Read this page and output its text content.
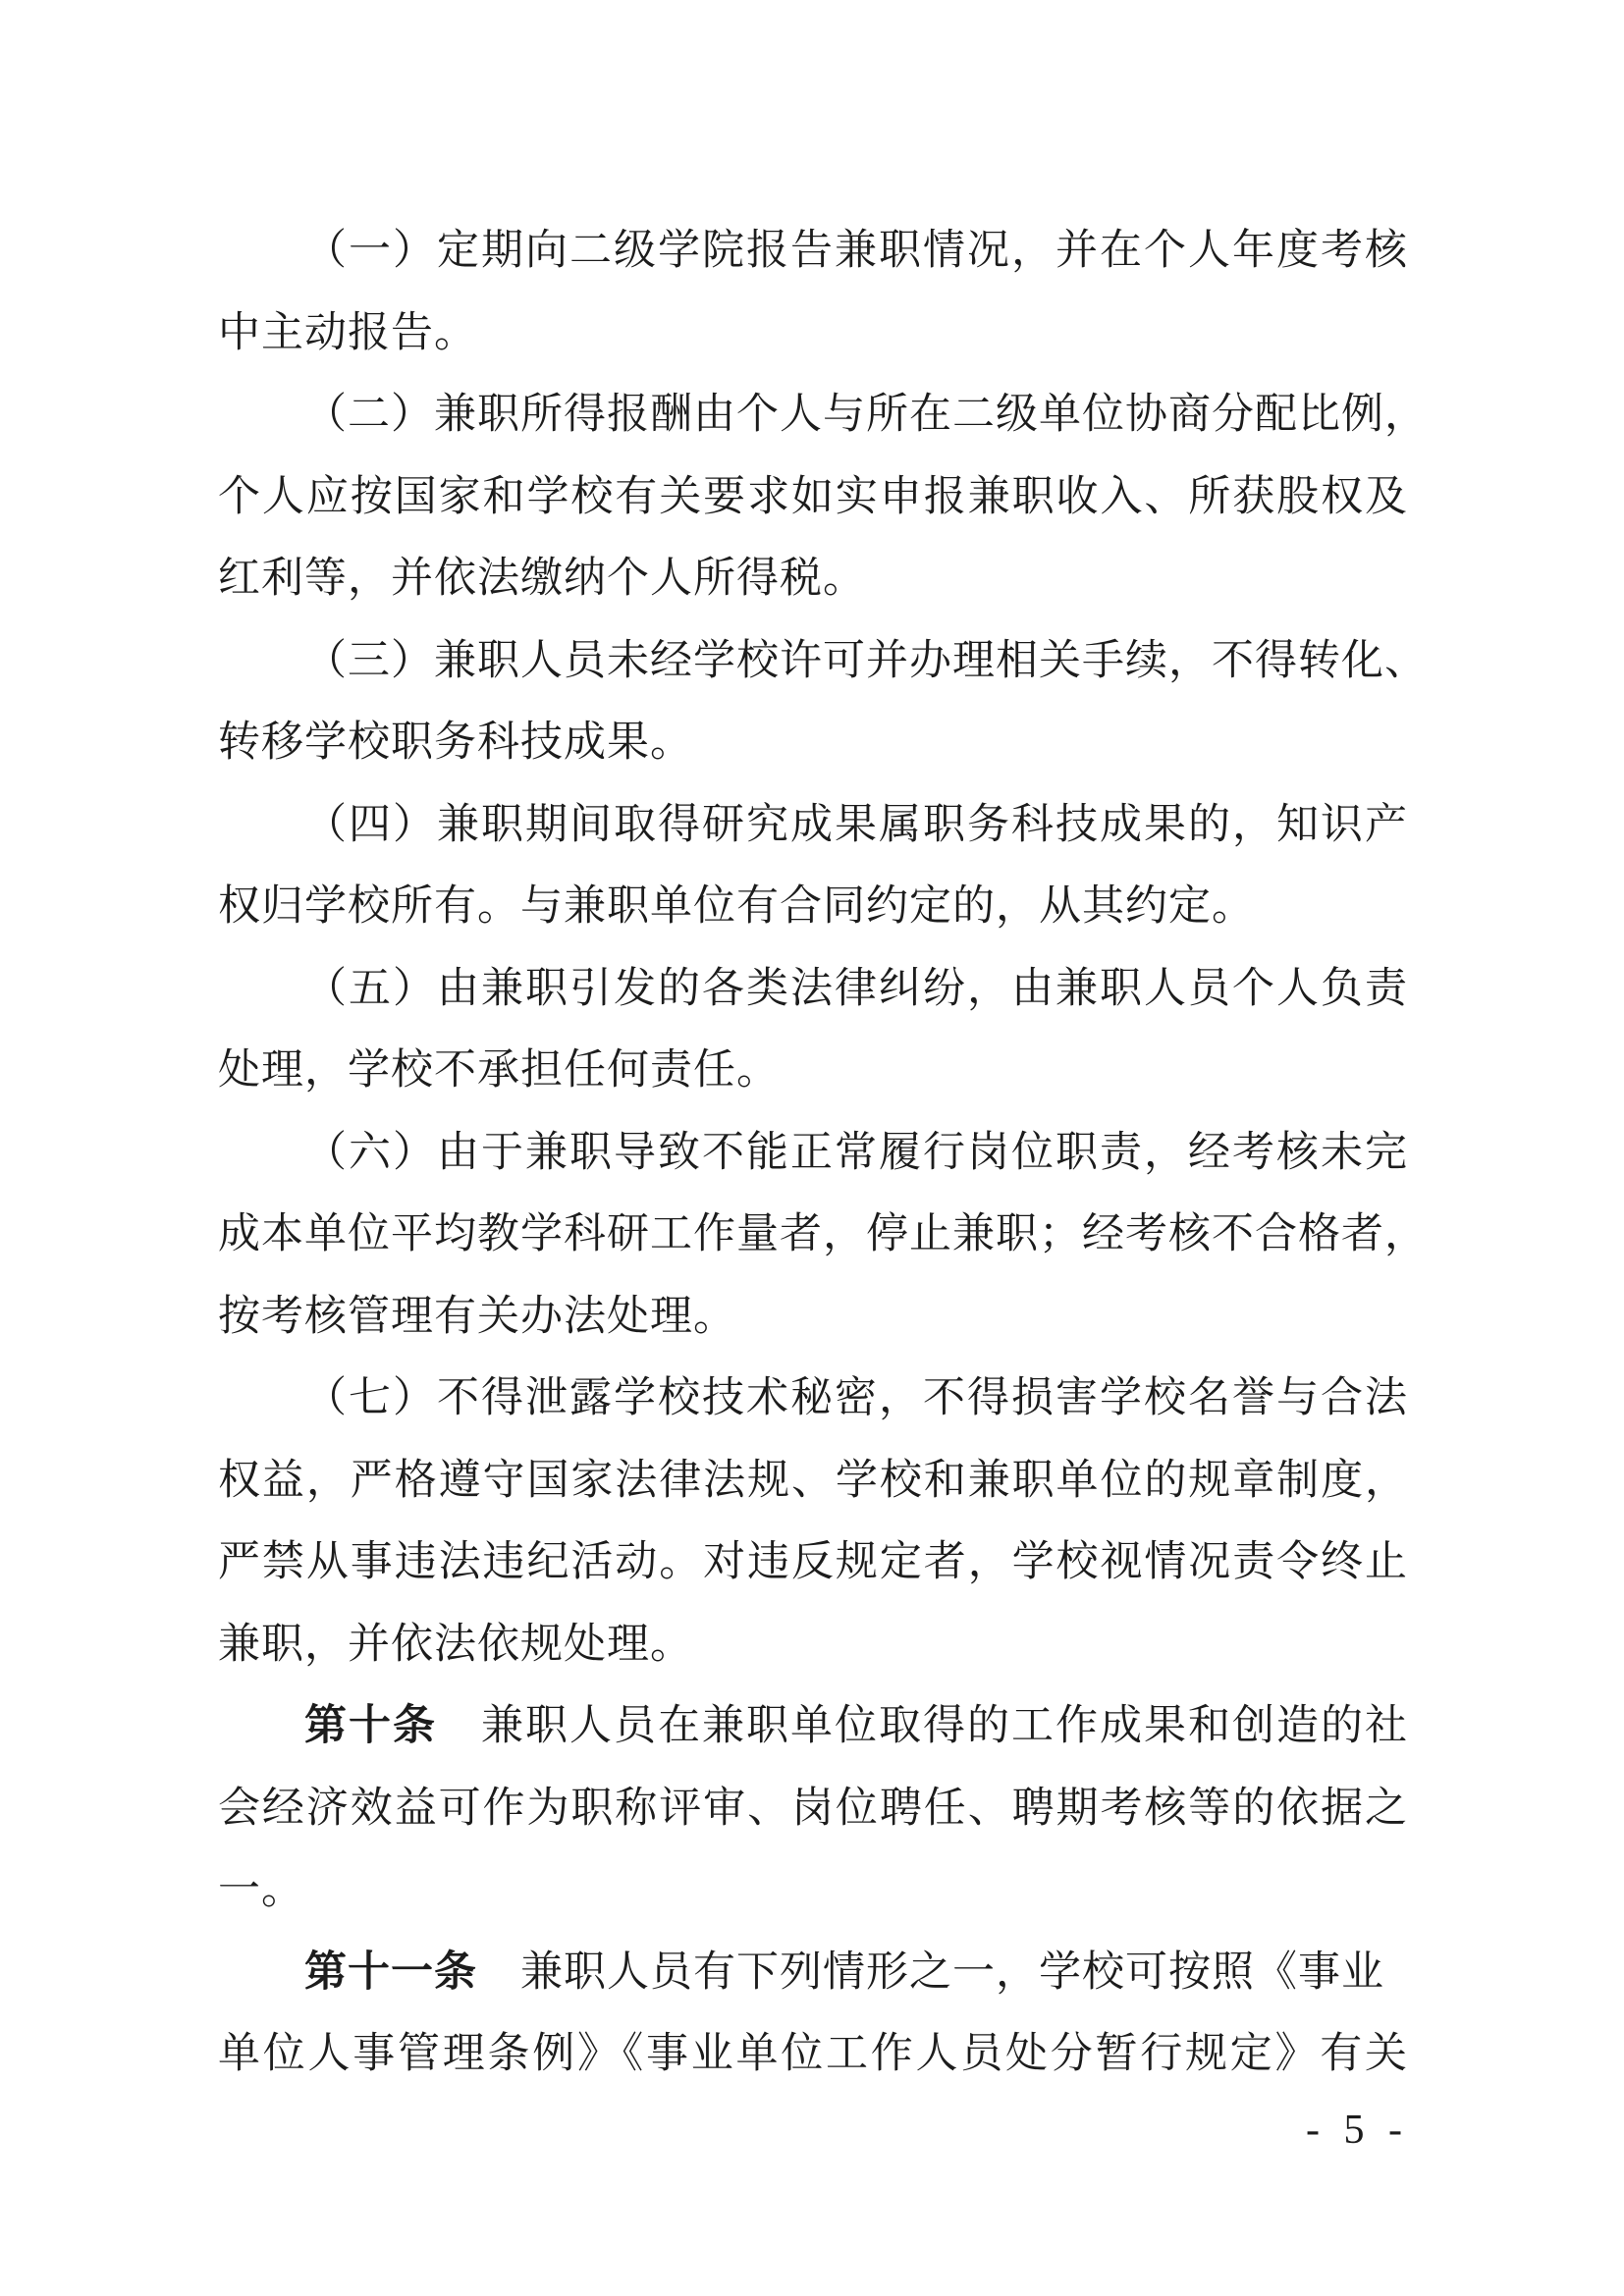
（一）定期向二级学院报告兼职情况，并在个人年度考核
中主动报告。
（二）兼职所得报酬由个人与所在二级单位协商分配比例，
个人应按国家和学校有关要求如实申报兼职收入、所获股权及
红利等，并依法缴纳个人所得税。
（三）兼职人员未经学校许可并办理相关手续，不得转化、
转移学校职务科技成果。
（四）兼职期间取得研究成果属职务科技成果的，知识产
权归学校所有。与兼职单位有合同约定的，从其约定。
（五）由兼职引发的各类法律纠纷，由兼职人员个人负责
处理，学校不承担任何责任。
（六）由于兼职导致不能正常履行岗位职责，经考核未完
成本单位平均教学科研工作量者，停止兼职；经考核不合格者，
按考核管理有关办法处理。
（七）不得泄露学校技术秘密，不得损害学校名誉与合法
权益，严格遵守国家法律法规、学校和兼职单位的规章制度，
严禁从事违法违纪活动。对违反规定者，学校视情况责令终止
兼职，并依法依规处理。
第十条　兼职人员在兼职单位取得的工作成果和创造的社
会经济效益可作为职称评审、岗位聘任、聘期考核等的依据之
一。
第十一条　兼职人员有下列情形之一，学校可按照《事业
单位人事管理条例》《事业单位工作人员处分暂行规定》有关
- 5 -
